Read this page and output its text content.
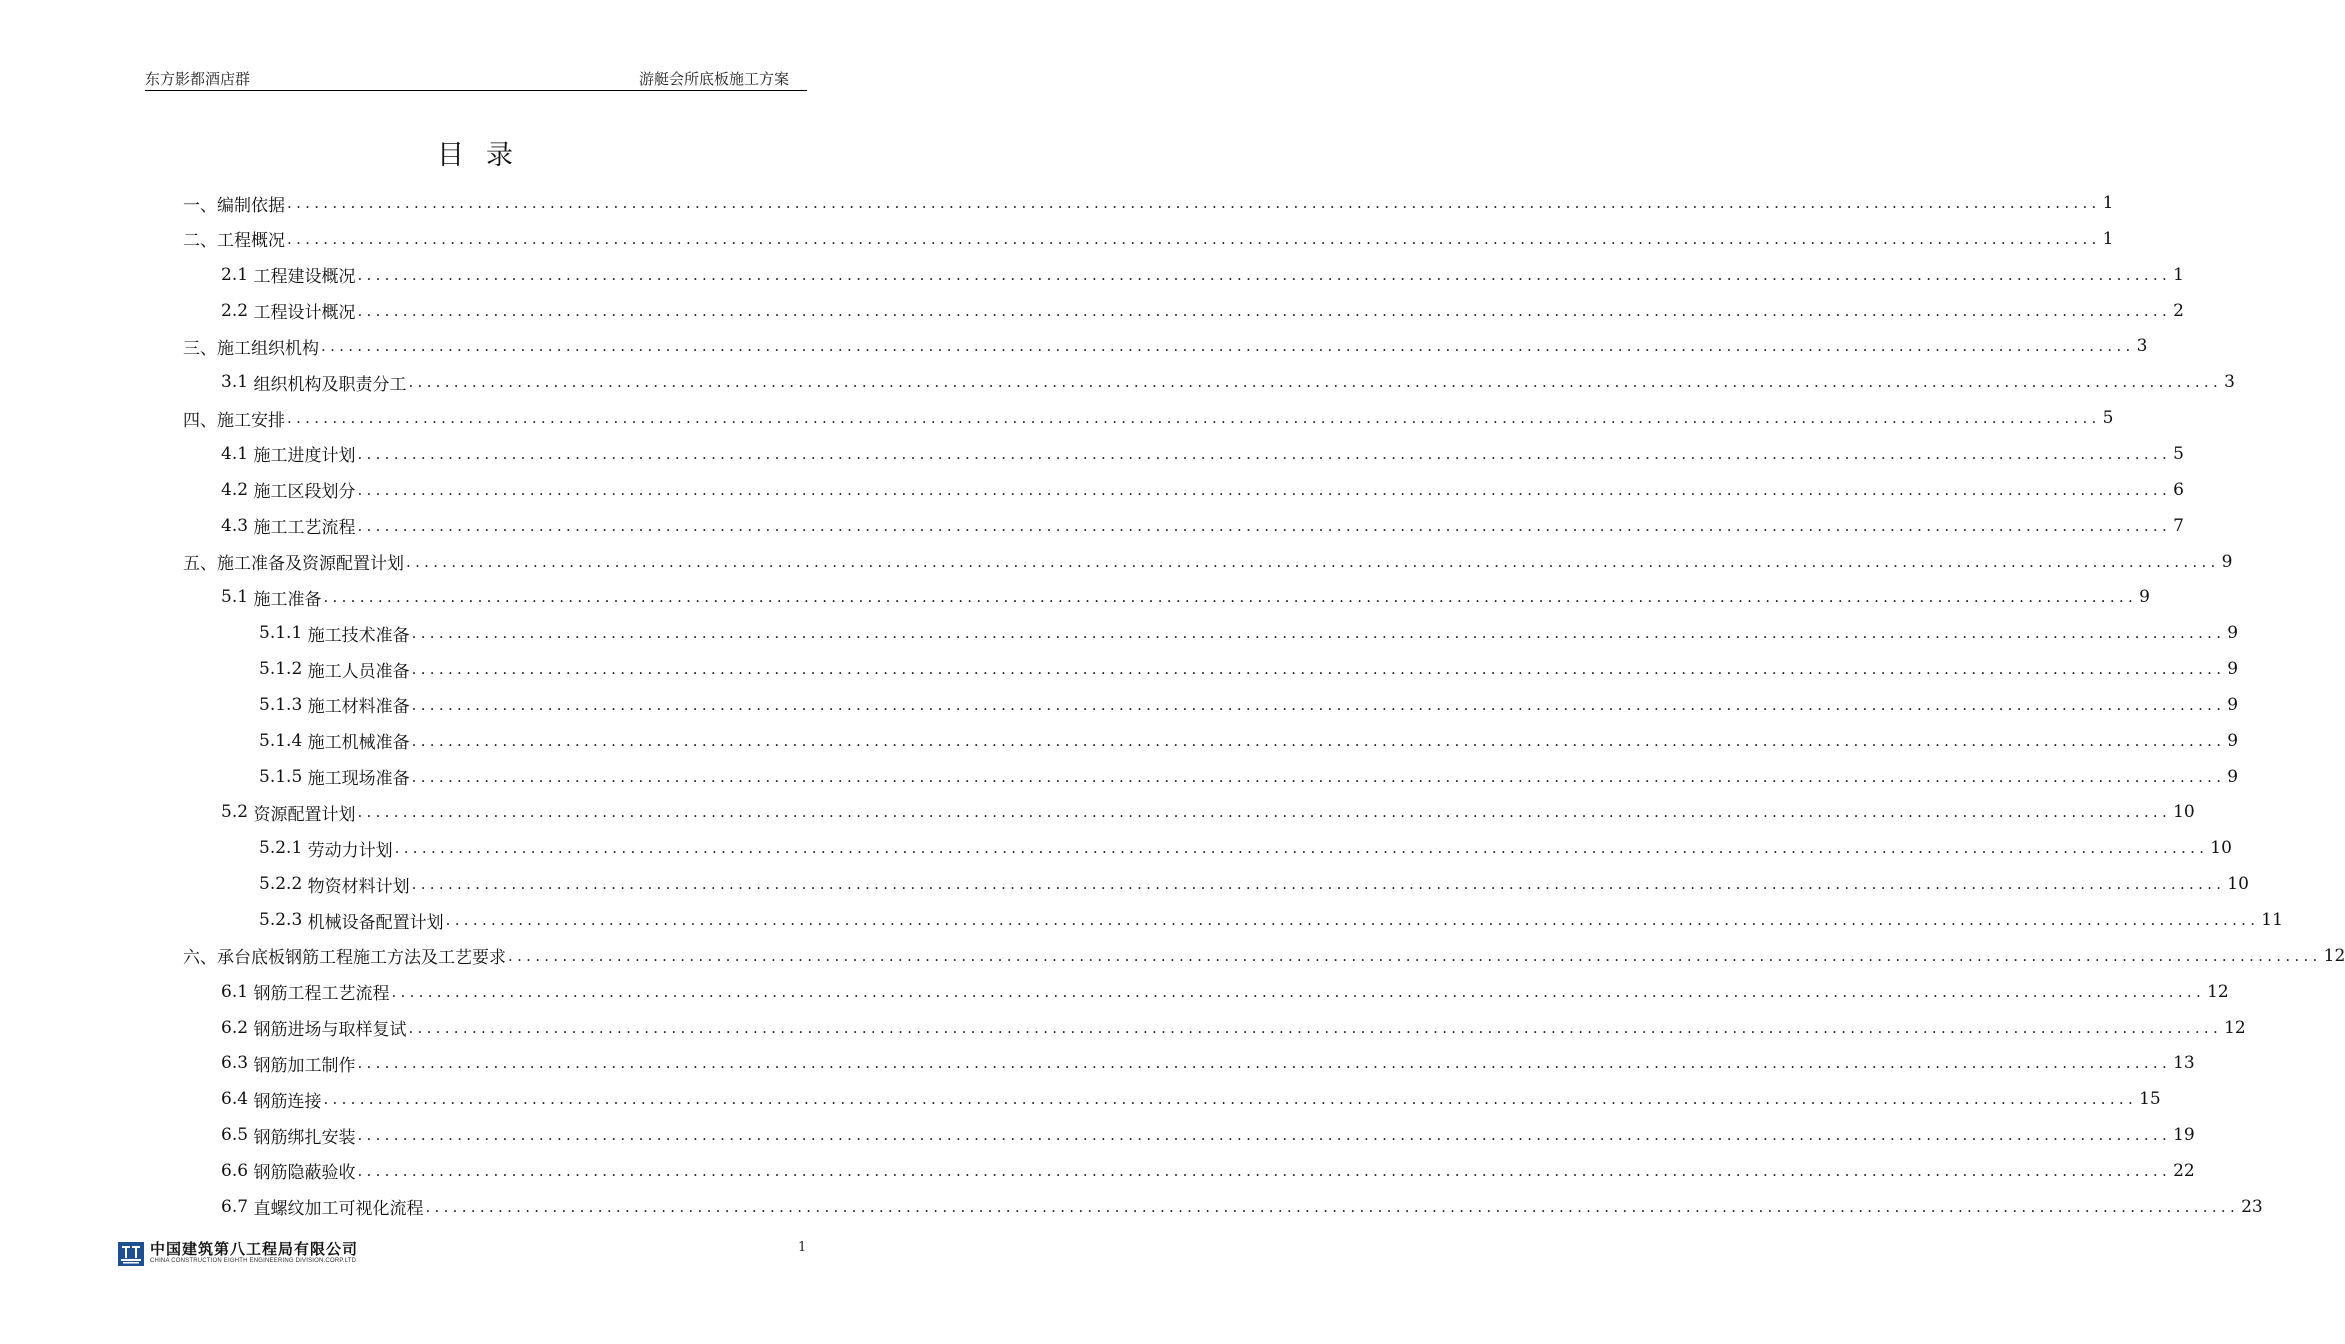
东方影都酒店群	游艇会所底板施工方案
目录
一、 编制依据 ........................................................................................................................................................................................................ 1
二、 工程概况 ........................................................................................................................................................................................................ 1
2.1 工程建设概况 ........................................................................................................................................................................................................ 1
2.2 工程设计概况 ........................................................................................................................................................................................................ 2
三、 施工组织机构 ........................................................................................................................................................................................................ 3
3.1 组织机构及职责分工 ........................................................................................................................................................................................................ 3
四、 施工安排 ........................................................................................................................................................................................................ 5
4.1 施工进度计划 ........................................................................................................................................................................................................ 5
4.2 施工区段划分 ........................................................................................................................................................................................................ 6
4.3 施工工艺流程 ........................................................................................................................................................................................................ 7
五、 施工准备及资源配置计划 ........................................................................................................................................................................................................ 9
5.1 施工准备 ........................................................................................................................................................................................................ 9
5.1.1 施工技术准备 ........................................................................................................................................................................................................ 9
5.1.2 施工人员准备 ........................................................................................................................................................................................................ 9
5.1.3 施工材料准备 ........................................................................................................................................................................................................ 9
5.1.4 施工机械准备 ........................................................................................................................................................................................................ 9
5.1.5 施工现场准备 ........................................................................................................................................................................................................ 9
5.2 资源配置计划 ........................................................................................................................................................................................................ 10
5.2.1 劳动力计划 ........................................................................................................................................................................................................ 10
5.2.2 物资材料计划 ........................................................................................................................................................................................................ 10
5.2.3 机械设备配置计划 ........................................................................................................................................................................................................ 11
六、 承台底板钢筋工程施工方法及工艺要求 ........................................................................................................................................................................................................ 12
6.1 钢筋工程工艺流程 ........................................................................................................................................................................................................ 12
6.2 钢筋进场与取样复试 ........................................................................................................................................................................................................ 12
6.3 钢筋加工制作 ........................................................................................................................................................................................................ 13
6.4 钢筋连接 ........................................................................................................................................................................................................ 15
6.5 钢筋绑扎安装 ........................................................................................................................................................................................................ 19
6.6 钢筋隐蔽验收 ........................................................................................................................................................................................................ 22
6.7 直螺纹加工可视化流程 ........................................................................................................................................................................................................ 23
中国建筑第八工程局有限公司
CHINA CONSTRUCTION EIGHTH ENGINEERING DIVISION.CORP.LTD
1
